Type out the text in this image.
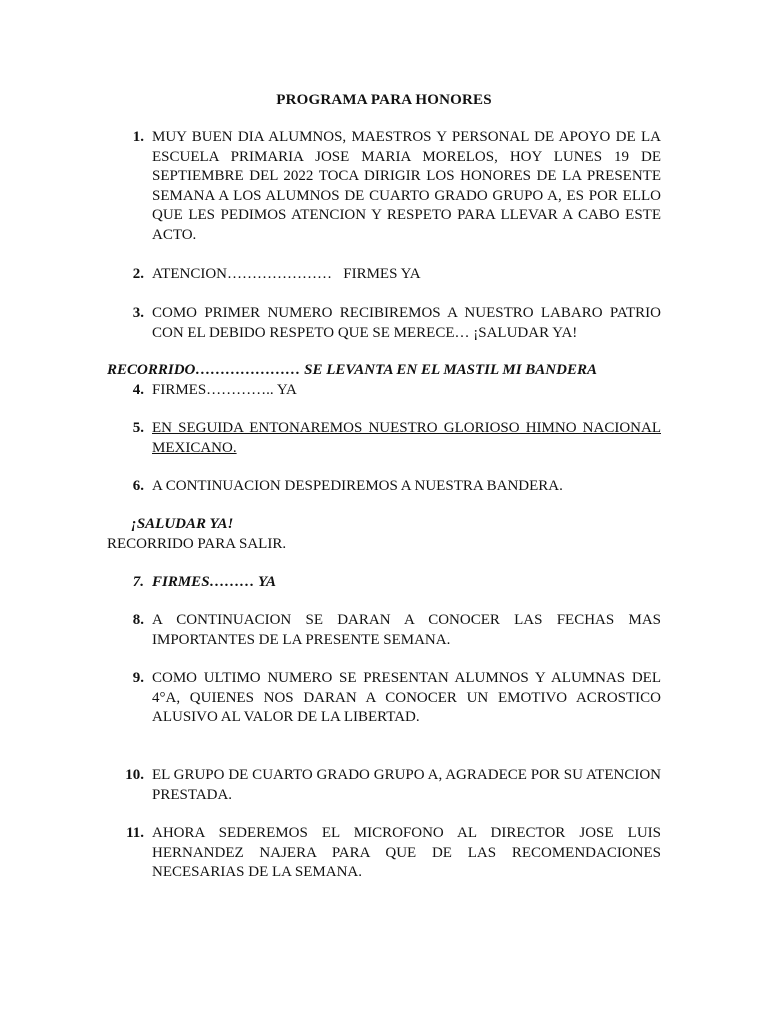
PROGRAMA PARA HONORES
1. MUY BUEN DIA ALUMNOS, MAESTROS Y PERSONAL DE APOYO DE LA ESCUELA PRIMARIA JOSE MARIA MORELOS, HOY LUNES 19 DE SEPTIEMBRE DEL 2022 TOCA DIRIGIR LOS HONORES DE LA PRESENTE SEMANA A LOS ALUMNOS DE CUARTO GRADO GRUPO A, ES POR ELLO QUE LES PEDIMOS ATENCION Y RESPETO PARA LLEVAR A CABO ESTE ACTO.
2. ATENCION…………………   FIRMES YA
3. COMO PRIMER NUMERO RECIBIREMOS A NUESTRO LABARO PATRIO CON EL DEBIDO RESPETO QUE SE MERECE… ¡SALUDAR YA!
RECORRIDO………………… SE LEVANTA EN EL MASTIL MI BANDERA
4. FIRMES………….. YA
5. EN SEGUIDA ENTONAREMOS NUESTRO GLORIOSO HIMNO NACIONAL MEXICANO.
6. A CONTINUACION DESPEDIREMOS A NUESTRA BANDERA.
¡SALUDAR YA!
RECORRIDO PARA SALIR.
7. FIRMES……… YA
8. A CONTINUACION SE DARAN A CONOCER LAS FECHAS MAS IMPORTANTES DE LA PRESENTE SEMANA.
9. COMO ULTIMO NUMERO SE PRESENTAN ALUMNOS Y ALUMNAS DEL 4°A, QUIENES NOS DARAN A CONOCER UN EMOTIVO ACROSTICO ALUSIVO AL VALOR DE LA LIBERTAD.
10. EL GRUPO DE CUARTO GRADO GRUPO A, AGRADECE POR SU ATENCION PRESTADA.
11. AHORA SEDEREMOS EL MICROFONO AL DIRECTOR JOSE LUIS HERNANDEZ NAJERA PARA QUE DE LAS RECOMENDACIONES NECESARIAS DE LA SEMANA.
